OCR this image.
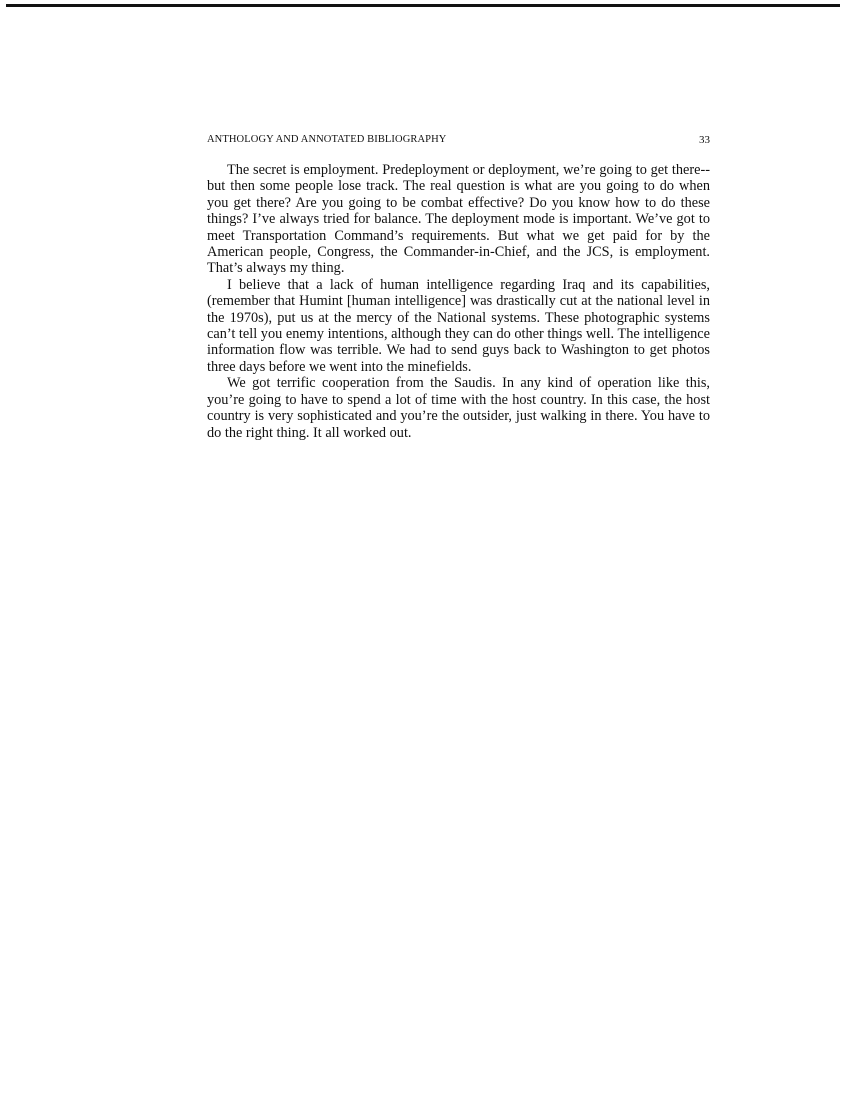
ANTHOLOGY AND ANNOTATED BIBLIOGRAPHY	33

The secret is employment. Predeployment or deployment, we’re going to get there--but then some people lose track. The real question is what are you going to do when you get there? Are you going to be combat effective? Do you know how to do these things? I’ve always tried for balance. The deployment mode is important. We’ve got to meet Transportation Command’s requirements. But what we get paid for by the American people, Congress, the Commander-in-Chief, and the JCS, is employment. That’s always my thing.

I believe that a lack of human intelligence regarding Iraq and its capabilities, (remember that Humint [human intelligence] was drastically cut at the national level in the 1970s), put us at the mercy of the National systems. These photographic systems can’t tell you enemy intentions, although they can do other things well. The intelligence information flow was terrible. We had to send guys back to Washington to get photos three days before we went into the minefields.

We got terrific cooperation from the Saudis. In any kind of operation like this, you’re going to have to spend a lot of time with the host country. In this case, the host country is very sophisticated and you’re the outsider, just walking in there. You have to do the right thing. It all worked out.
